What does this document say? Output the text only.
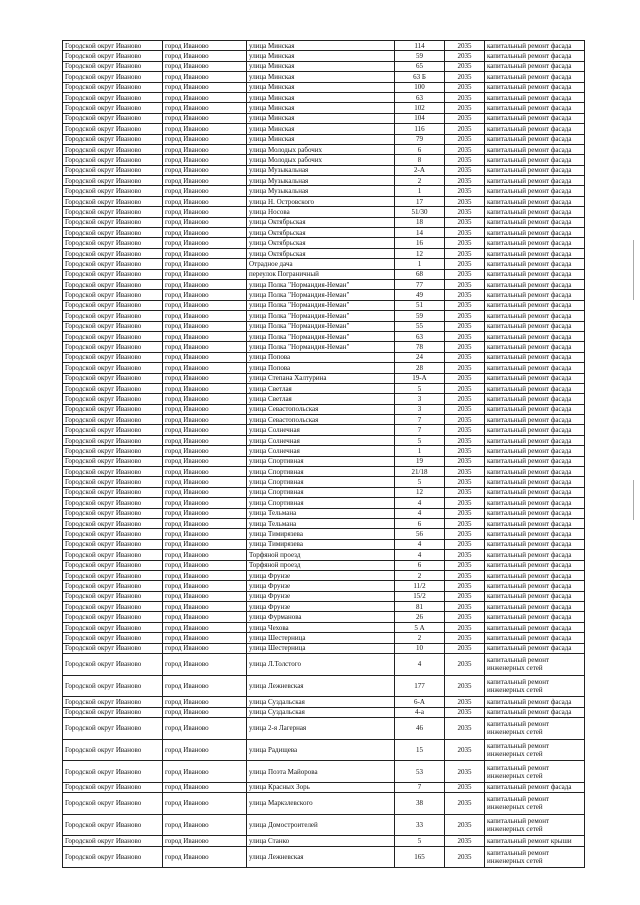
Городской округ Иваново	город Иваново	улица Минская	114	2035	капитальный ремонт фасада
Городской округ Иваново	город Иваново	улица Минская	59	2035	капитальный ремонт фасада
Городской округ Иваново	город Иваново	улица Минская	65	2035	капитальный ремонт фасада
Городской округ Иваново	город Иваново	улица Минская	63 Б	2035	капитальный ремонт фасада
Городской округ Иваново	город Иваново	улица Минская	100	2035	капитальный ремонт фасада
Городской округ Иваново	город Иваново	улица Минская	63	2035	капитальный ремонт фасада
Городской округ Иваново	город Иваново	улица Минская	102	2035	капитальный ремонт фасада
Городской округ Иваново	город Иваново	улица Минская	104	2035	капитальный ремонт фасада
Городской округ Иваново	город Иваново	улица Минская	116	2035	капитальный ремонт фасада
Городской округ Иваново	город Иваново	улица Минская	79	2035	капитальный ремонт фасада
Городской округ Иваново	город Иваново	улица Молодых рабочих	6	2035	капитальный ремонт фасада
Городской округ Иваново	город Иваново	улица Молодых рабочих	8	2035	капитальный ремонт фасада
Городской округ Иваново	город Иваново	улица Музыкальная	2-А	2035	капитальный ремонт фасада
Городской округ Иваново	город Иваново	улица Музыкальная	2	2035	капитальный ремонт фасада
Городской округ Иваново	город Иваново	улица Музыкальная	1	2035	капитальный ремонт фасада
Городской округ Иваново	город Иваново	улица Н. Островского	17	2035	капитальный ремонт фасада
Городской округ Иваново	город Иваново	улица Носова	51/30	2035	капитальный ремонт фасада
Городской округ Иваново	город Иваново	улица Октябрьская	18	2035	капитальный ремонт фасада
Городской округ Иваново	город Иваново	улица Октябрьская	14	2035	капитальный ремонт фасада
Городской округ Иваново	город Иваново	улица Октябрьская	16	2035	капитальный ремонт фасада
Городской округ Иваново	город Иваново	улица Октябрьская	12	2035	капитальный ремонт фасада
Городской округ Иваново	город Иваново	Отрадное дача	1	2035	капитальный ремонт фасада
Городской округ Иваново	город Иваново	переулок Пограничный	68	2035	капитальный ремонт фасада
Городской округ Иваново	город Иваново	улица Полка "Нормандия-Неман"	77	2035	капитальный ремонт фасада
Городской округ Иваново	город Иваново	улица Полка "Нормандия-Неман"	49	2035	капитальный ремонт фасада
Городской округ Иваново	город Иваново	улица Полка "Нормандия-Неман"	51	2035	капитальный ремонт фасада
Городской округ Иваново	город Иваново	улица Полка "Нормандия-Неман"	59	2035	капитальный ремонт фасада
Городской округ Иваново	город Иваново	улица Полка "Нормандия-Неман"	55	2035	капитальный ремонт фасада
Городской округ Иваново	город Иваново	улица Полка "Нормандия-Неман"	63	2035	капитальный ремонт фасада
Городской округ Иваново	город Иваново	улица Полка "Нормандия-Неман"	78	2035	капитальный ремонт фасада
Городской округ Иваново	город Иваново	улица Попова	24	2035	капитальный ремонт фасада
Городской округ Иваново	город Иваново	улица Попова	28	2035	капитальный ремонт фасада
Городской округ Иваново	город Иваново	улица Степана Халтурина	19-А	2035	капитальный ремонт фасада
Городской округ Иваново	город Иваново	улица Светлая	5	2035	капитальный ремонт фасада
Городской округ Иваново	город Иваново	улица Светлая	3	2035	капитальный ремонт фасада
Городской округ Иваново	город Иваново	улица Севастопольская	3	2035	капитальный ремонт фасада
Городской округ Иваново	город Иваново	улица Севастопольская	7	2035	капитальный ремонт фасада
Городской округ Иваново	город Иваново	улица Солнечная	7	2035	капитальный ремонт фасада
Городской округ Иваново	город Иваново	улица Солнечная	5	2035	капитальный ремонт фасада
Городской округ Иваново	город Иваново	улица Солнечная	1	2035	капитальный ремонт фасада
Городской округ Иваново	город Иваново	улица Спортивная	19	2035	капитальный ремонт фасада
Городской округ Иваново	город Иваново	улица Спортивная	21/18	2035	капитальный ремонт фасада
Городской округ Иваново	город Иваново	улица Спортивная	5	2035	капитальный ремонт фасада
Городской округ Иваново	город Иваново	улица Спортивная	12	2035	капитальный ремонт фасада
Городской округ Иваново	город Иваново	улица Спортивная	4	2035	капитальный ремонт фасада
Городской округ Иваново	город Иваново	улица Тельмана	4	2035	капитальный ремонт фасада
Городской округ Иваново	город Иваново	улица Тельмана	6	2035	капитальный ремонт фасада
Городской округ Иваново	город Иваново	улица Тимирязева	56	2035	капитальный ремонт фасада
Городской округ Иваново	город Иваново	улица Тимирязева	4	2035	капитальный ремонт фасада
Городской округ Иваново	город Иваново	Торфяной проезд	4	2035	капитальный ремонт фасада
Городской округ Иваново	город Иваново	Торфяной проезд	6	2035	капитальный ремонт фасада
Городской округ Иваново	город Иваново	улица Фрунзе	2	2035	капитальный ремонт фасада
Городской округ Иваново	город Иваново	улица Фрунзе	11/2	2035	капитальный ремонт фасада
Городской округ Иваново	город Иваново	улица Фрунзе	15/2	2035	капитальный ремонт фасада
Городской округ Иваново	город Иваново	улица Фрунзе	81	2035	капитальный ремонт фасада
Городской округ Иваново	город Иваново	улица Фурманова	26	2035	капитальный ремонт фасада
Городской округ Иваново	город Иваново	улица Чехова	5 А	2035	капитальный ремонт фасада
Городской округ Иваново	город Иваново	улица Шестерница	2	2035	капитальный ремонт фасада
Городской округ Иваново	город Иваново	улица Шестерница	10	2035	капитальный ремонт фасада
Городской округ Иваново	город Иваново	улица Л.Толстого	4	2035	капитальный ремонт инженерных сетей
Городской округ Иваново	город Иваново	улица Лежневская	177	2035	капитальный ремонт инженерных сетей
Городской округ Иваново	город Иваново	улица Суздальская	6-А	2035	капитальный ремонт фасада
Городской округ Иваново	город Иваново	улица Суздальская	4-а	2035	капитальный ремонт фасада
Городской округ Иваново	город Иваново	улица 2-я Лагерная	46	2035	капитальный ремонт инженерных сетей
Городской округ Иваново	город Иваново	улица Радищева	15	2035	капитальный ремонт инженерных сетей
Городской округ Иваново	город Иваново	улица Поэта Майорова	53	2035	капитальный ремонт инженерных сетей
Городской округ Иваново	город Иваново	улица Красных Зорь	7	2035	капитальный ремонт фасада
Городской округ Иваново	город Иваново	улица Маркзлевского	38	2035	капитальный ремонт инженерных сетей
Городской округ Иваново	город Иваново	улица Домостроителей	33	2035	капитальный ремонт инженерных сетей
Городской округ Иваново	город Иваново	улица Станко	5	2035	капитальный ремонт крыши
Городской округ Иваново	город Иваново	улица Лежневская	165	2035	капитальный ремонт инженерных сетей
